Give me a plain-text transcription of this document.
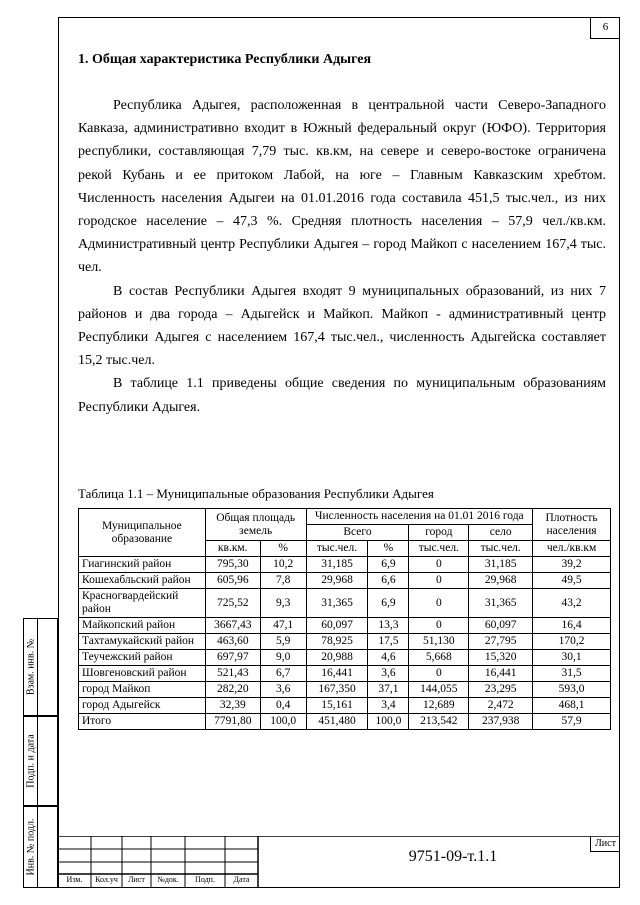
6
1. Общая характеристика Республики Адыгея

Республика Адыгея, расположенная в центральной части Северо-Западного Кавказа, административно входит в Южный федеральный округ (ЮФО). Территория республики, составляющая 7,79 тыс. кв.км, на севере и северо-востоке ограничена рекой Кубань и ее притоком Лабой, на юге – Главным Кавказским хребтом. Численность населения Адыгеи на 01.01.2016 года составила 451,5 тыс.чел., из них городское население – 47,3 %. Средняя плотность населения – 57,9 чел./кв.км. Административный центр Республики Адыгея – город Майкоп с населением 167,4 тыс. чел.

В состав Республики Адыгея входят 9 муниципальных образований, из них 7 районов и два города – Адыгейск и Майкоп. Майкоп - административный центр Республики Адыгея с населением 167,4 тыс.чел., численность Адыгейска составляет 15,2 тыс.чел.

В таблице 1.1 приведены общие сведения по муниципальным образованиям Республики Адыгея.

Таблица 1.1 – Муниципальные образования Республики Адыгея
Муниципальное образование	Общая площадь земель		Численность населения на 01.01 2016 года				Плотность населения
			Всего		город	село	
	кв.км.	%	тыс.чел.	%	тыс.чел.	тыс.чел.	чел./кв.км
Гиагинский район	795,30	10,2	31,185	6,9	0	31,185	39,2
Кошехабльский район	605,96	7,8	29,968	6,6	0	29,968	49,5
Красногвардейский район	725,52	9,3	31,365	6,9	0	31,365	43,2
Майкопский район	3667,43	47,1	60,097	13,3	0	60,097	16,4
Тахтамукайский район	463,60	5,9	78,925	17,5	51,130	27,795	170,2
Теучежский район	697,97	9,0	20,988	4,6	5,668	15,320	30,1
Шовгеновский район	521,43	6,7	16,441	3,6	0	16,441	31,5
город Майкоп	282,20	3,6	167,350	37,1	144,055	23,295	593,0
город Адыгейск	32,39	0,4	15,161	3,4	12,689	2,472	468,1
Итого	7791,80	100,0	451,480	100,0	213,542	237,938	57,9
Взам. инв. №
Подп. и дата
Инв. № подл.
Изм.	Кол.уч	Лист	№док.	Подп.	Дата
9751-09-т.1.1
Лист
